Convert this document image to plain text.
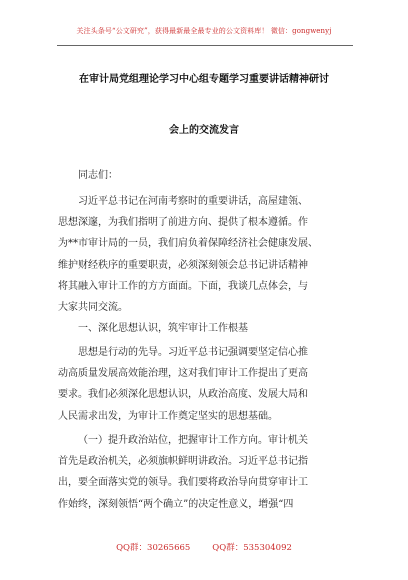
关注头条号“公文研究”，获得最新最全最专业的公文资料库！ 微信：gongwenyj
在审计局党组理论学习中心组专题学习重要讲话精神研讨
会上的交流发言

同志们：

习近平总书记在河南考察时的重要讲话，高屋建瓴、
思想深邃，为我们指明了前进方向、提供了根本遵循。作
为**市审计局的一员，我们肩负着保障经济社会健康发展、
维护财经秩序的重要职责，必须深刻领会总书记讲话精神
将其融入审计工作的方方面面。下面，我谈几点体会，与
大家共同交流。

一、深化思想认识，筑牢审计工作根基

思想是行动的先导。习近平总书记强调要坚定信心推
动高质量发展高效能治理，这对我们审计工作提出了更高
要求。我们必须深化思想认识，从政治高度、发展大局和
人民需求出发，为审计工作奠定坚实的思想基础。

（一）提升政治站位，把握审计工作方向。审计机关
首先是政治机关，必须旗帜鲜明讲政治。习近平总书记指
出，要全面落实党的领导。我们要将政治导向贯穿审计工
作始终，深刻领悟“两个确立”的决定性意义，增强“四

QQ群：30265665	QQ群：535304092
